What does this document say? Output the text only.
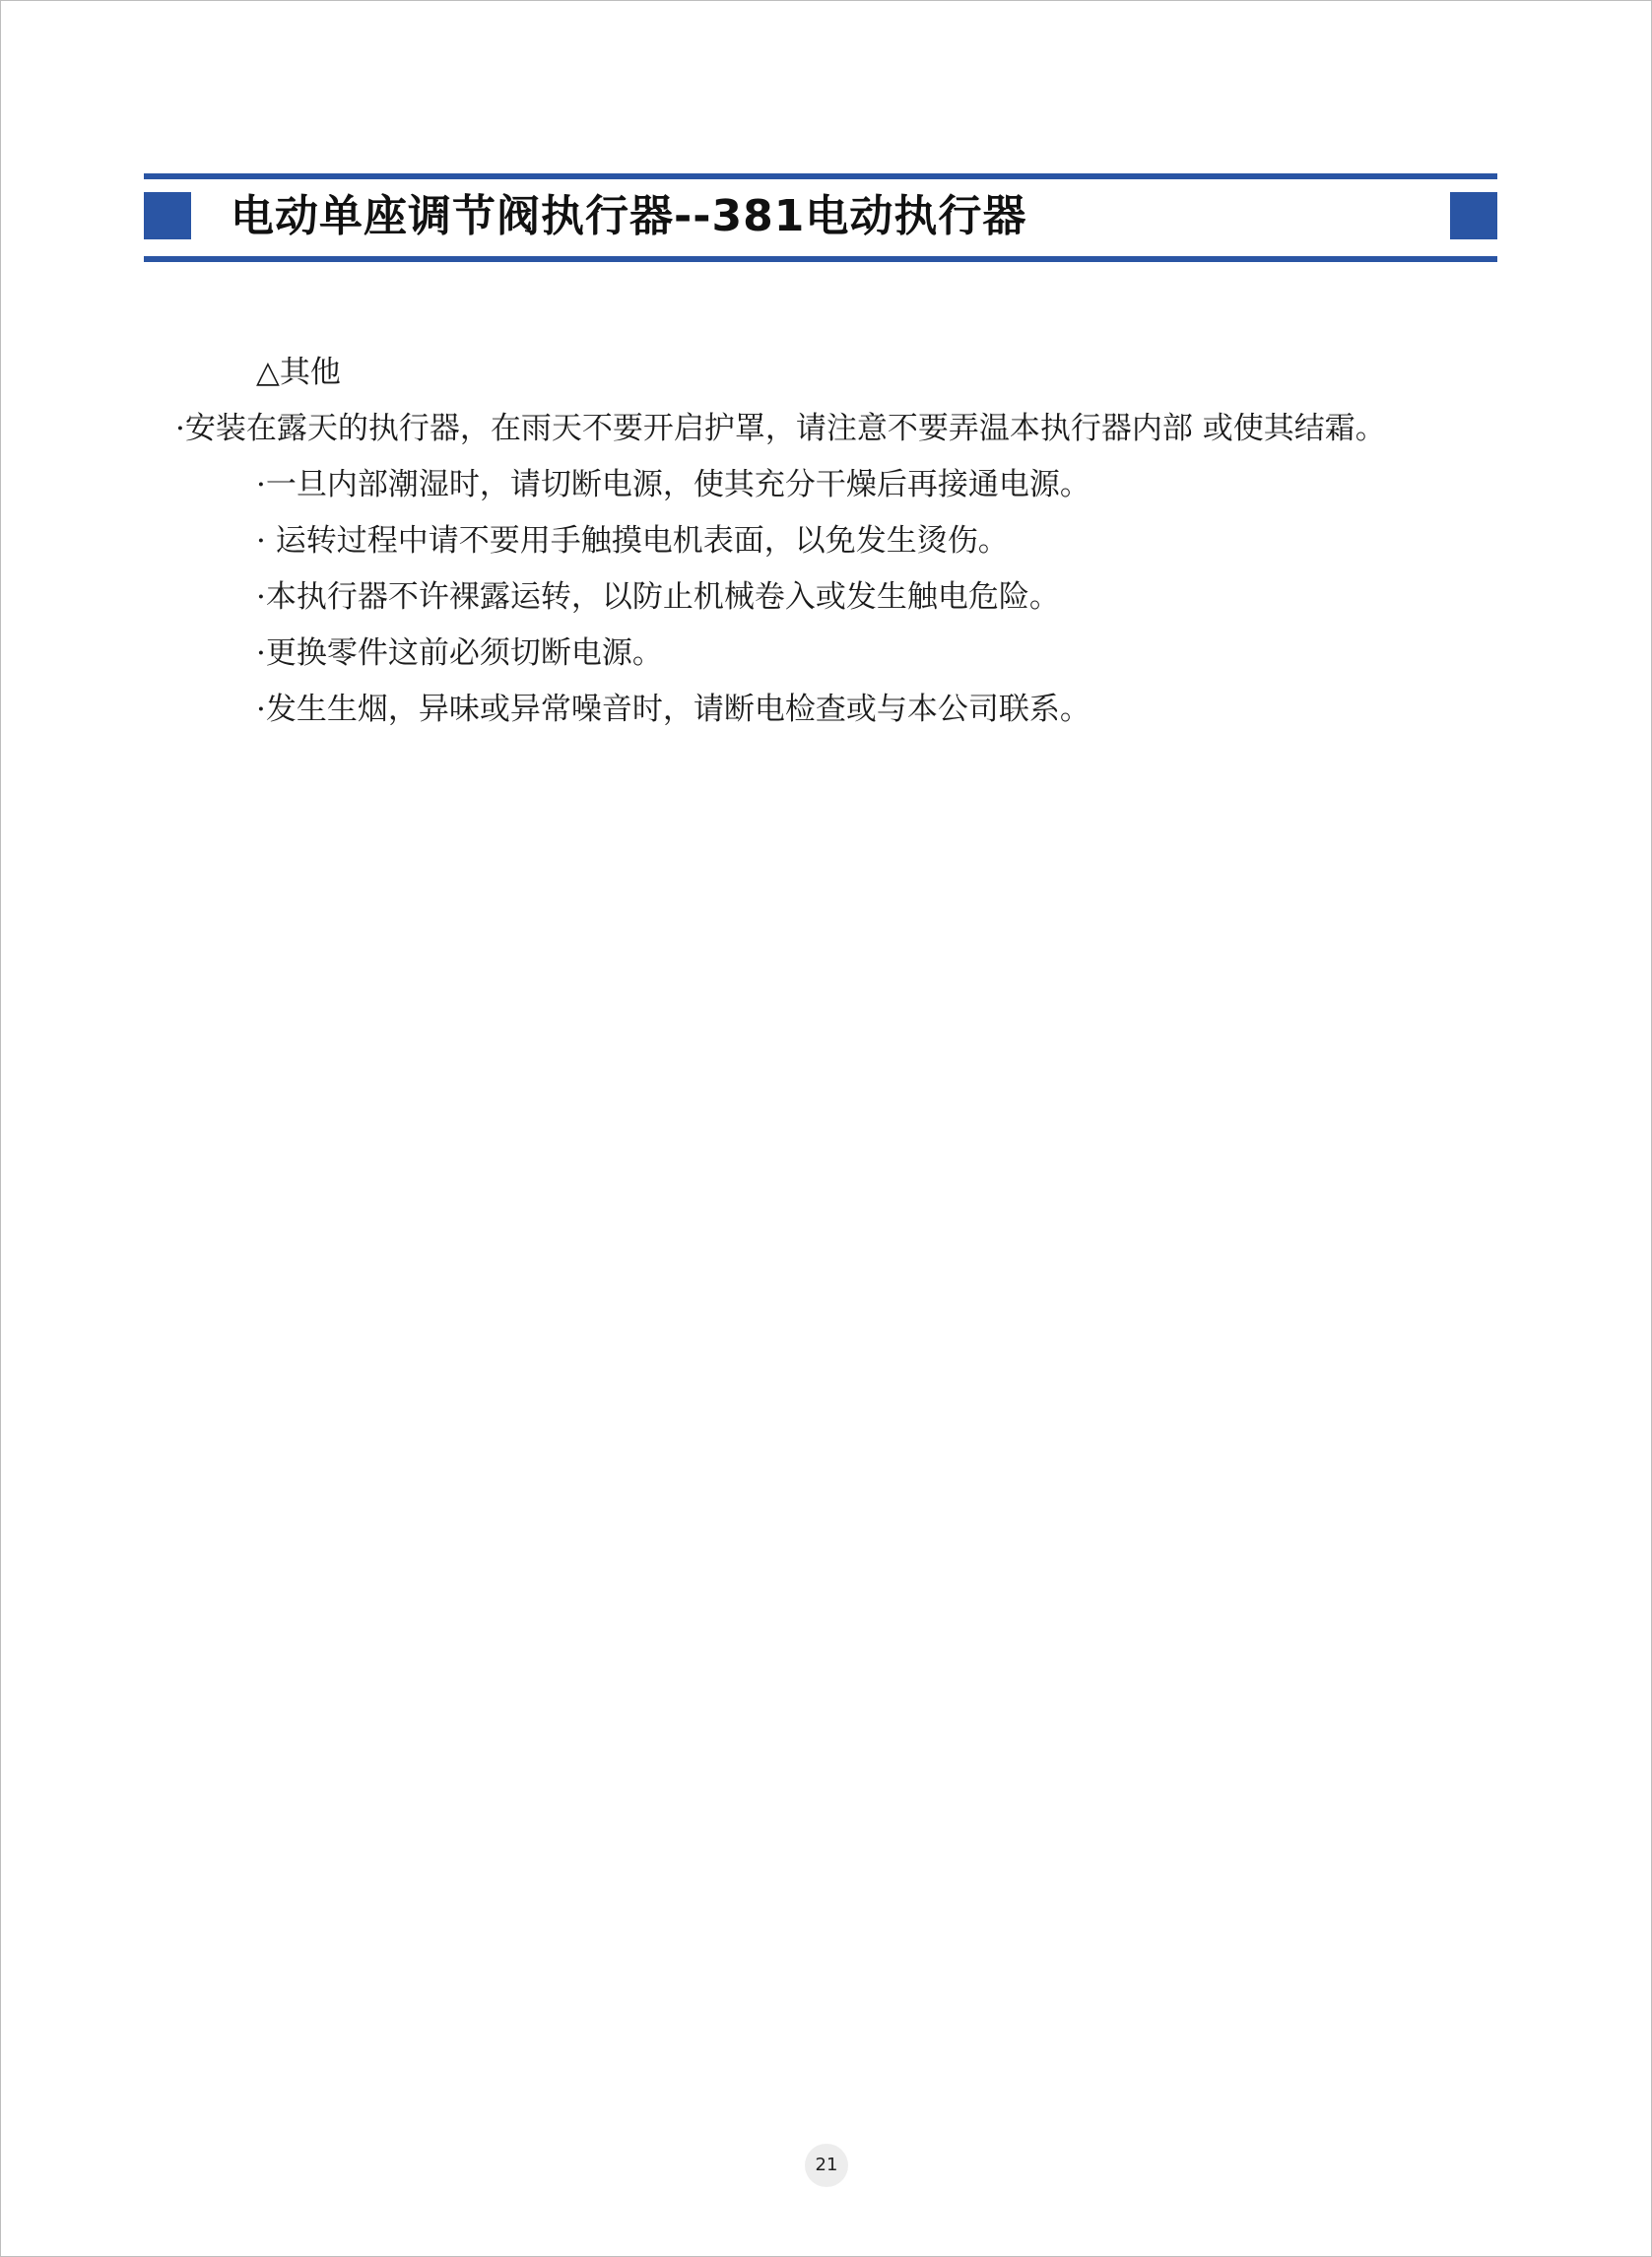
电动单座调节阀执行器--381电动执行器
△其他

·安装在露天的执行器，在雨天不要开启护罩，请注意不要弄温本执行器内部 或使其结霜。

·一旦内部潮湿时，请切断电源，使其充分干燥后再接通电源。

· 运转过程中请不要用手触摸电机表面，以免发生烫伤。

·本执行器不许裸露运转，以防止机械卷入或发生触电危险。

·更换零件这前必须切断电源。

·发生生烟，异味或异常噪音时，请断电检查或与本公司联系。

21
